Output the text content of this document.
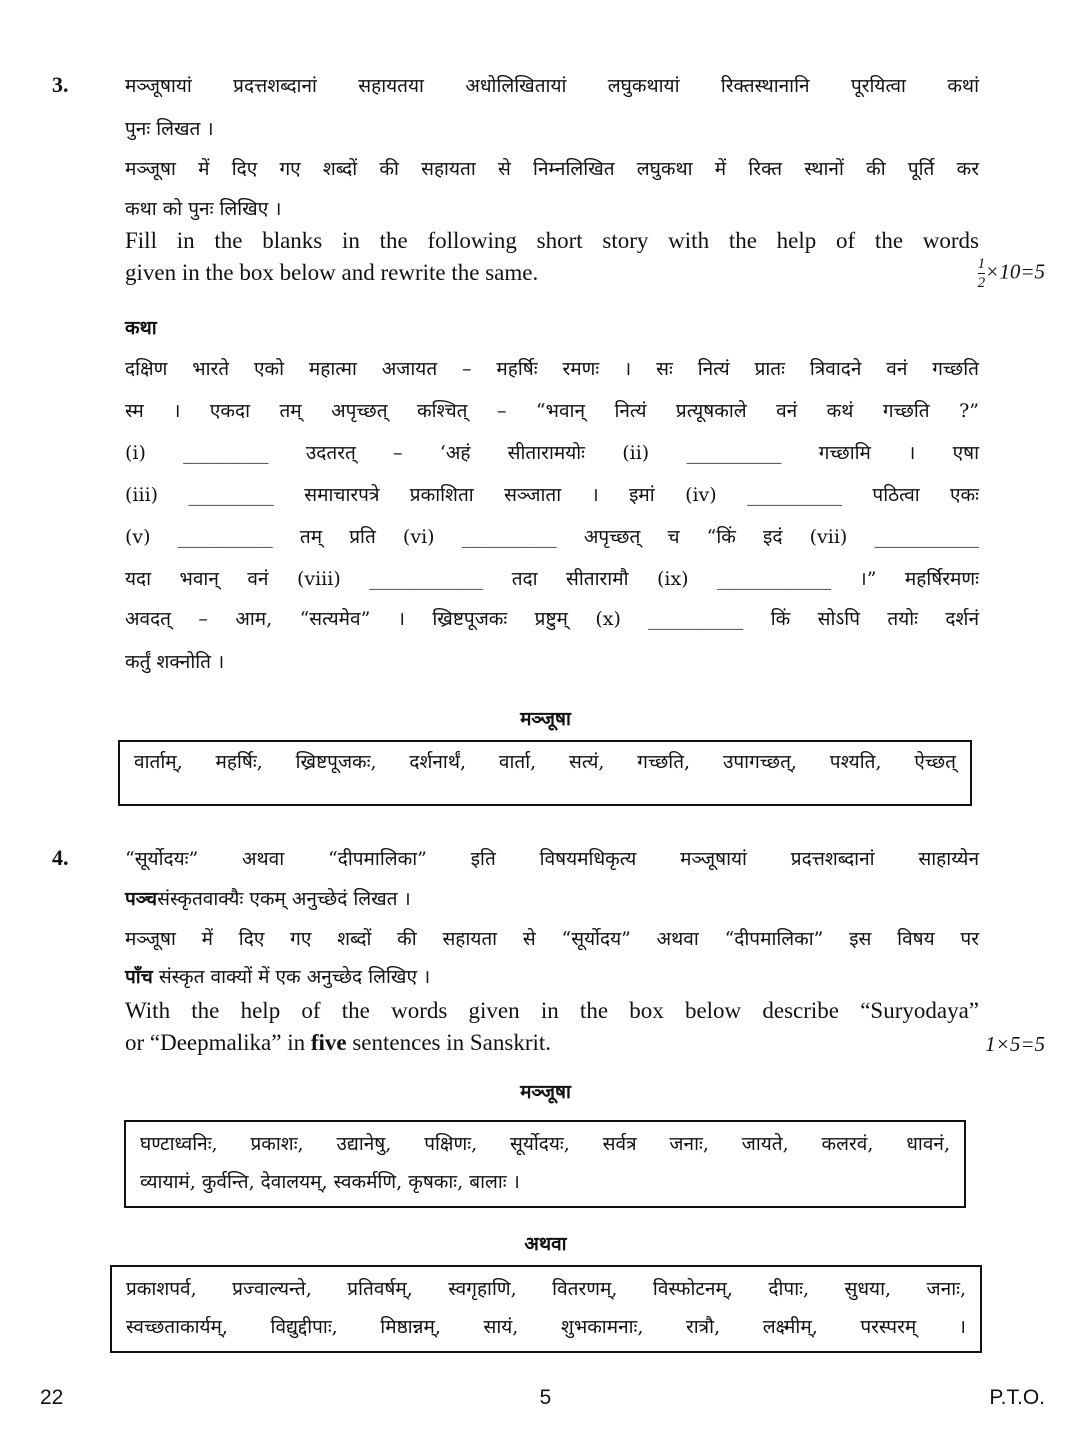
3.	मञ्जूषायां प्रदत्तशब्दानां सहायतया अधोलिखितायां लघुकथायां रिक्तस्थानानि पूरयित्वा कथां
पुनः लिखत ।
मञ्जूषा में दिए गए शब्दों की सहायता से निम्नलिखित लघुकथा में रिक्त स्थानों की पूर्ति कर
कथा को पुनः लिखिए ।
Fill in the blanks in the following short story with the help of the words
given in the box below and rewrite the same.	$\frac{1}{2} \times 10=5$
कथा
दक्षिण भारते एको महात्मा अजायत – महर्षिः रमणः । सः नित्यं प्रातः त्रिवादने वनं गच्छति
स्म । एकदा तम् अपृच्छत् कश्चित् – “भवान् नित्यं प्रत्यूषकाले वनं कथं गच्छति ?”
(i) _________ उदतरत् – ‘अहं सीतारामयोः (ii) __________ गच्छामि । एषा
(iii) _________ समाचारपत्रे प्रकाशिता सञ्जाता । इमां (iv) __________ पठित्वा एकः
(v) __________ तम् प्रति (vi) __________ अपृच्छत् च “किं इदं (vii) ___________
यदा भवान् वनं (viii) ____________ तदा सीतारामौ (ix) ____________ ।” महर्षिरमणः
अवदत् – आम, “सत्यमेव” । ख्रिष्टपूजकः प्रष्टुम् (x) __________ किं सोऽपि तयोः दर्शनं
कर्तुं शक्नोति ।
मञ्जूषा
वार्ताम्, महर्षिः, ख्रिष्टपूजकः, दर्शनार्थं, वार्ता, सत्यं, गच्छति, उपागच्छत्, पश्यति, ऐच्छत्
4.	“सूर्योदयः” अथवा “दीपमालिका” इति विषयमधिकृत्य मञ्जूषायां प्रदत्तशब्दानां साहाय्येन
पञ्चसंस्कृतवाक्यैः एकम् अनुच्छेदं लिखत ।
मञ्जूषा में दिए गए शब्दों की सहायता से “सूर्योदय” अथवा “दीपमालिका” इस विषय पर
पाँच संस्कृत वाक्यों में एक अनुच्छेद लिखिए ।
With the help of the words given in the box below describe “Suryodaya”
or “Deepmalika” in five sentences in Sanskrit.	1×5=5
मञ्जूषा
घण्टाध्वनिः, प्रकाशः, उद्यानेषु, पक्षिणः, सूर्योदयः, सर्वत्र जनाः, जायते, कलरवं, धावनं,
व्यायामं, कुर्वन्ति, देवालयम्, स्वकर्मणि, कृषकाः, बालाः ।
अथवा
प्रकाशपर्व, प्रज्वाल्यन्ते, प्रतिवर्षम्, स्वगृहाणि, वितरणम्, विस्फोटनम्, दीपाः, सुधया, जनाः,
स्वच्छताकार्यम्, विद्युद्दीपाः, मिष्ठान्नम्, सायं, शुभकामनाः, रात्रौ, लक्ष्मीम्, परस्परम् ।
22	5	P.T.O.
